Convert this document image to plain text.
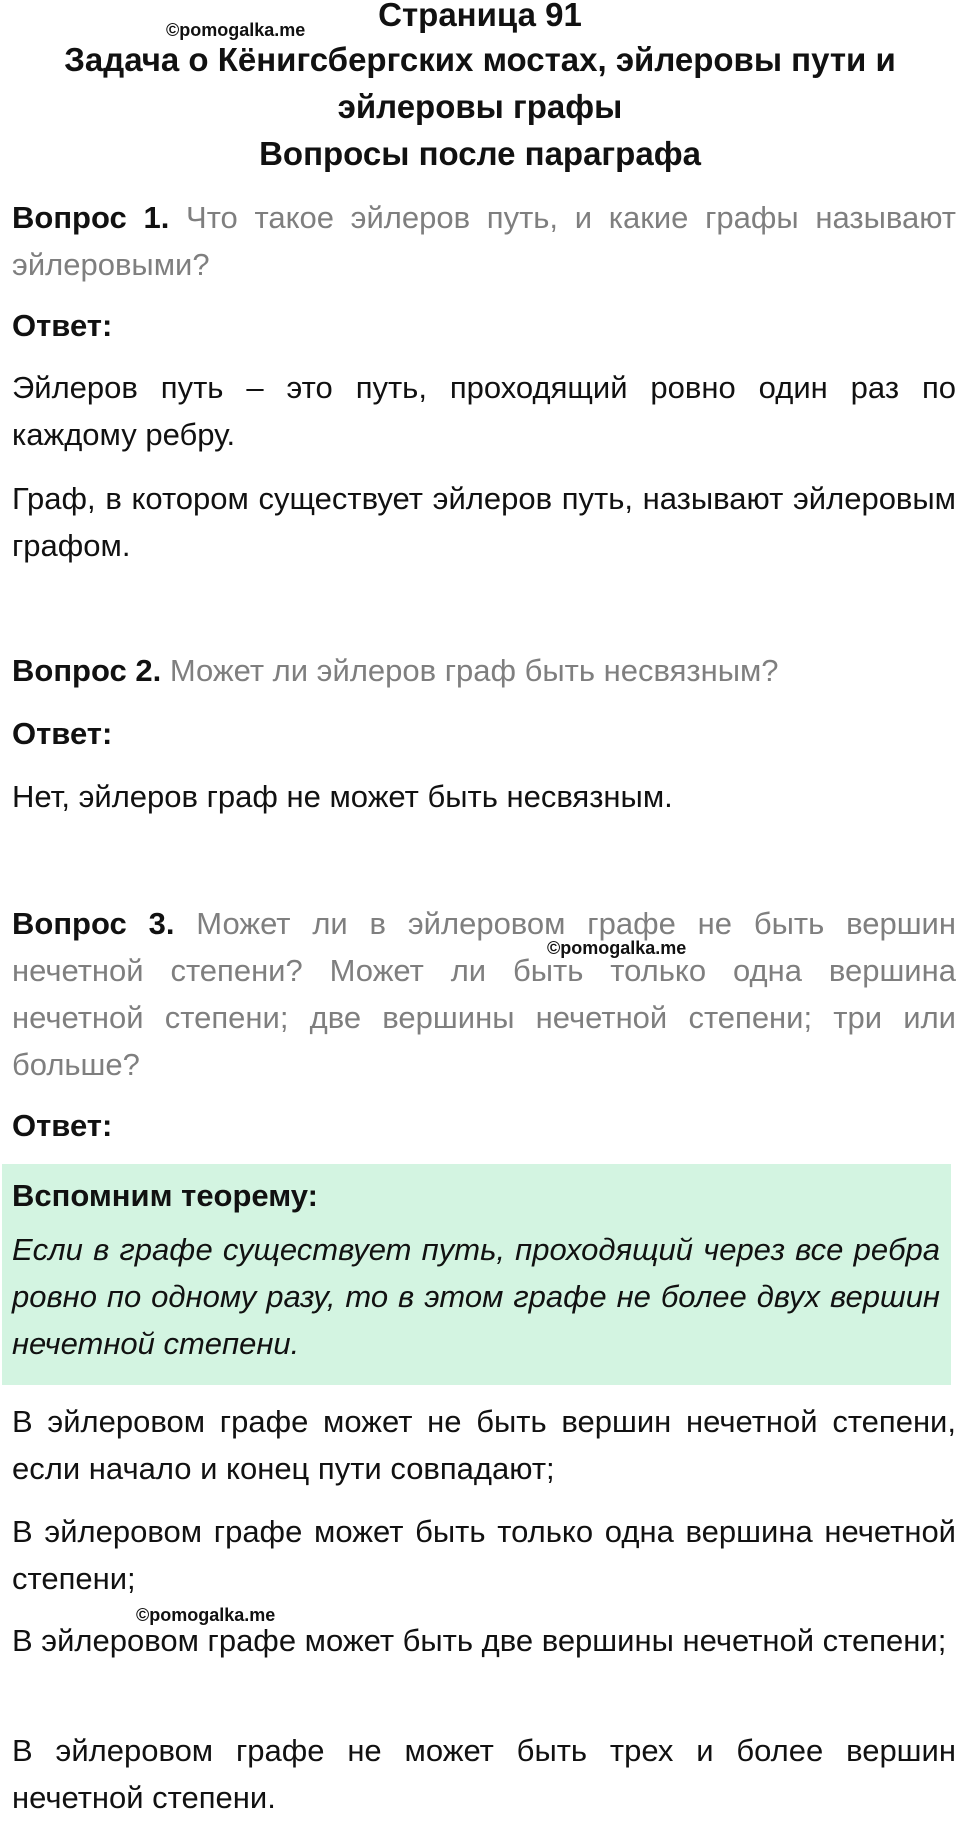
©pomogalka.me
©pomogalka.me
©pomogalka.me
Страница 91
Задача о Кёнигсбергских мостах, эйлеровы пути и
эйлеровы графы
Вопросы после параграфа
Вопрос 1. Что такое эйлеров путь, и какие графы называют эйлеровыми?
Ответ:
Эйлеров путь – это путь, проходящий ровно один раз по каждому ребру.
Граф, в котором существует эйлеров путь, называют эйлеровым графом.
Вопрос 2. Может ли эйлеров граф быть несвязным?
Ответ:
Нет, эйлеров граф не может быть несвязным.
Вопрос 3. Может ли в эйлеровом графе не быть вершин нечетной степени? Может ли быть только одна вершина нечетной степени; две вершины нечетной степени; три или больше?
Ответ:
Вспомним теорему:
Если в графе существует путь, проходящий через все ребра ровно по одному разу, то в этом графе не более двух вершин нечетной степени.
В эйлеровом графе может не быть вершин нечетной степени, если начало и конец пути совпадают;
В эйлеровом графе может быть только одна вершина нечетной степени;
В эйлеровом графе может быть две вершины нечетной степени;
В эйлеровом графе не может быть трех и более вершин нечетной степени.
